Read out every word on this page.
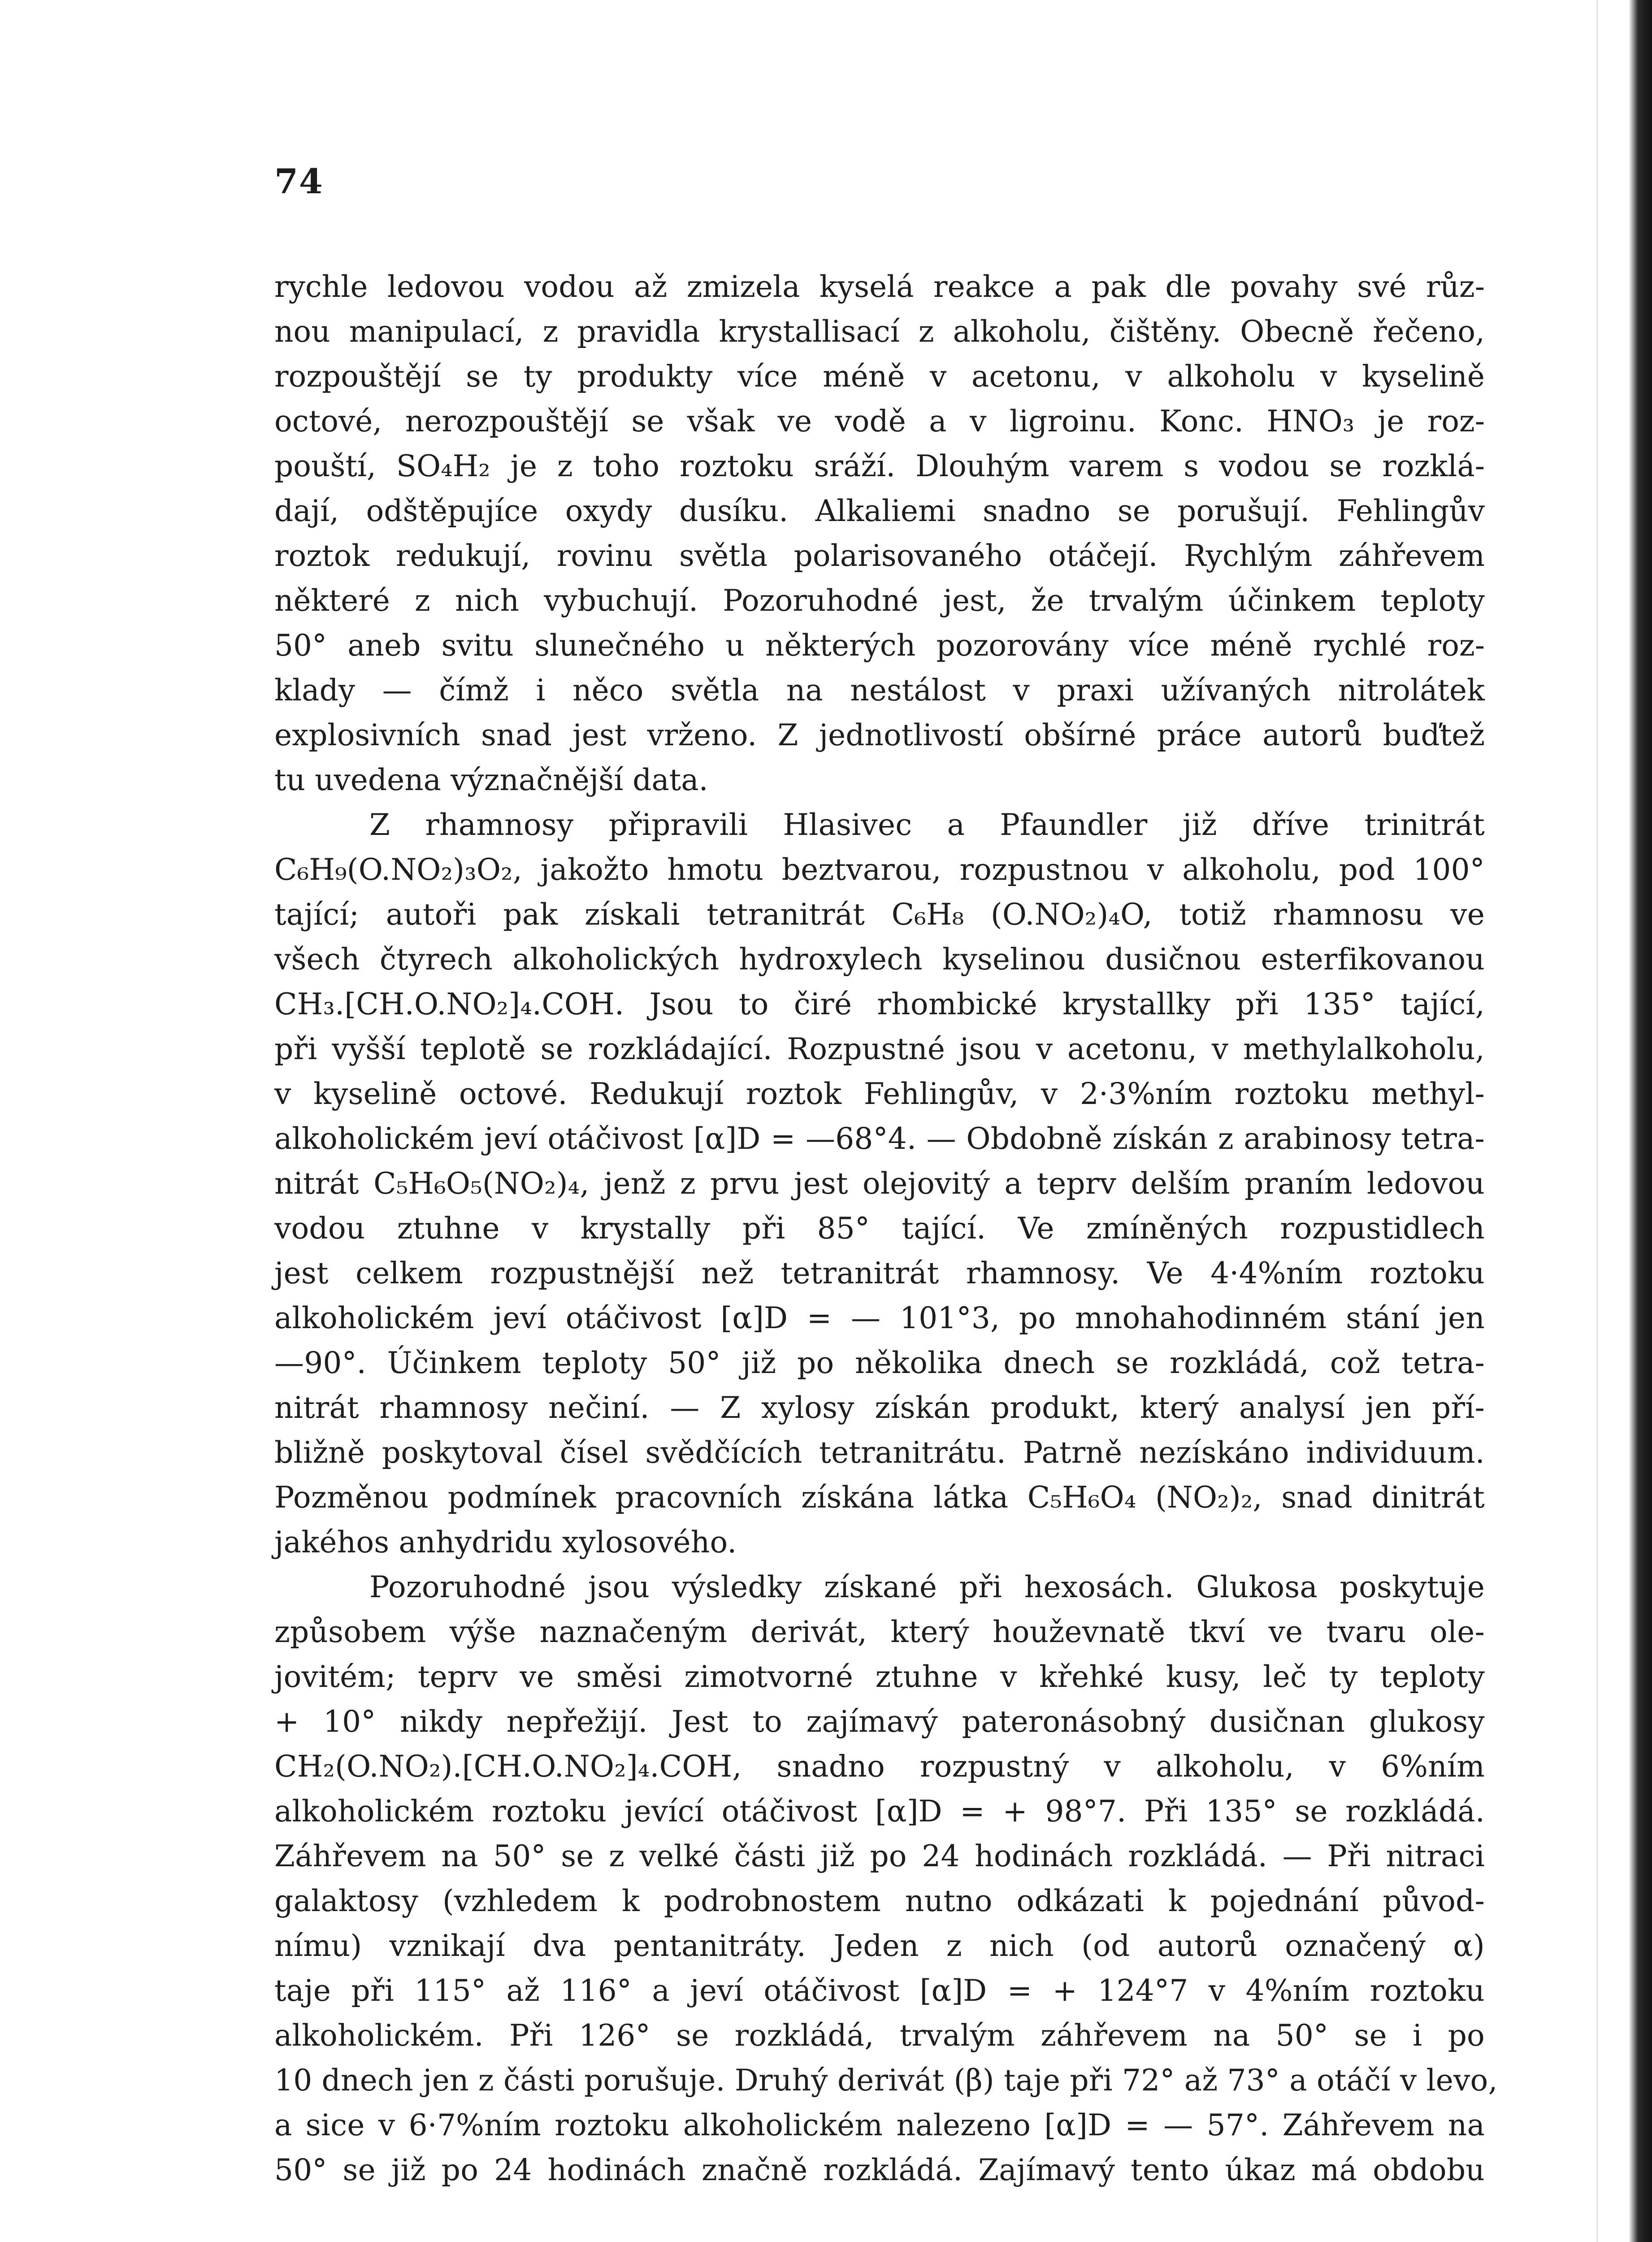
74
rychle ledovou vodou až zmizela kyselá reakce a pak dle povahy své růz-
nou manipulací, z pravidla krystallisací z alkoholu, čištěny. Obecně řečeno,
rozpouštějí se ty produkty více méně v acetonu, v alkoholu v kyselině
octové, nerozpouštějí se však ve vodě a v ligroinu. Konc. HNO₃ je roz-
pouští, SO₄H₂ je z toho roztoku sráží. Dlouhým varem s vodou se rozklá-
dají, odštěpujíce oxydy dusíku. Alkaliemi snadno se porušují. Fehlingův
roztok redukují, rovinu světla polarisovaného otáčejí. Rychlým záhřevem
některé z nich vybuchují. Pozoruhodné jest, že trvalým účinkem teploty
50° aneb svitu slunečného u některých pozorovány více méně rychlé roz-
klady — čímž i něco světla na nestálost v praxi užívaných nitrolátek
explosivních snad jest vrženo. Z jednotlivostí obšírné práce autorů buďtež
tu uvedena význačnější data.
Z rhamnosy připravili Hlasivec a Pfaundler již dříve trinitrát
C₆H₉(O.NO₂)₃O₂, jakožto hmotu beztvarou, rozpustnou v alkoholu, pod 100°
tající; autoři pak získali tetranitrát C₆H₈ (O.NO₂)₄O, totiž rhamnosu ve
všech čtyrech alkoholických hydroxylech kyselinou dusičnou esterfikovanou
CH₃.[CH.O.NO₂]₄.COH. Jsou to čiré rhombické krystallky při 135° tající,
při vyšší teplotě se rozkládající. Rozpustné jsou v acetonu, v methylalkoholu,
v kyselině octové. Redukují roztok Fehlingův, v 2·3%ním roztoku methyl-
alkoholickém jeví otáčivost [α]D = —68°4. — Obdobně získán z arabinosy tetra-
nitrát C₅H₆O₅(NO₂)₄, jenž z prvu jest olejovitý a teprv delším praním ledovou
vodou ztuhne v krystally při 85° tající. Ve zmíněných rozpustidlech
jest celkem rozpustnější než tetranitrát rhamnosy. Ve 4·4%ním roztoku
alkoholickém jeví otáčivost [α]D = — 101°3, po mnohahodinném stání jen
—90°. Účinkem teploty 50° již po několika dnech se rozkládá, což tetra-
nitrát rhamnosy nečiní. — Z xylosy získán produkt, který analysí jen pří-
bližně poskytoval čísel svědčících tetranitrátu. Patrně nezískáno individuum.
Pozměnou podmínek pracovních získána látka C₅H₆O₄ (NO₂)₂, snad dinitrát
jakéhos anhydridu xylosového.
Pozoruhodné jsou výsledky získané při hexosách. Glukosa poskytuje
způsobem výše naznačeným derivát, který houževnatě tkví ve tvaru ole-
jovitém; teprv ve směsi zimotvorné ztuhne v křehké kusy, leč ty teploty
+ 10° nikdy nepřežijí. Jest to zajímavý pateronásobný dusičnan glukosy
CH₂(O.NO₂).[CH.O.NO₂]₄.COH, snadno rozpustný v alkoholu, v 6%ním
alkoholickém roztoku jevící otáčivost [α]D = + 98°7. Při 135° se rozkládá.
Záhřevem na 50° se z velké části již po 24 hodinách rozkládá. — Při nitraci
galaktosy (vzhledem k podrobnostem nutno odkázati k pojednání původ-
nímu) vznikají dva pentanitráty. Jeden z nich (od autorů označený α)
taje při 115° až 116° a jeví otáčivost [α]D = + 124°7 v 4%ním roztoku
alkoholickém. Při 126° se rozkládá, trvalým záhřevem na 50° se i po
10 dnech jen z části porušuje. Druhý derivát (β) taje při 72° až 73° a otáčí v levo,
a sice v 6·7%ním roztoku alkoholickém nalezeno [α]D = — 57°. Záhřevem na
50° se již po 24 hodinách značně rozkládá. Zajímavý tento úkaz má obdobu
